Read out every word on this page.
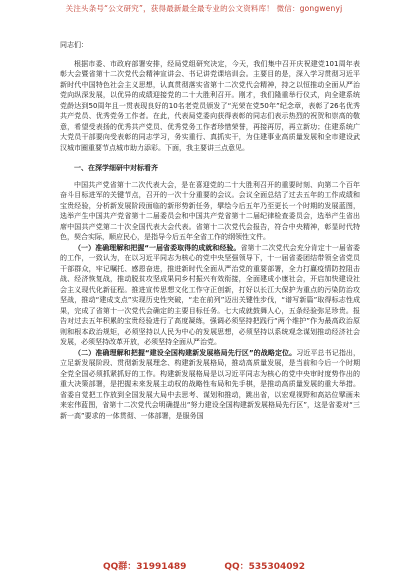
关注头条号“公文研究”，获得最新最全最专业的公文资料库！ 微信：gongwenyj

同志们：

根据市委、市政府部署安排，经局党组研究决定，今天，我们集中召开庆祝建党101周年表彰大会暨省第十二次党代会精神宣讲会、书记讲党课培训会。主要目的是，深入学习贯彻习近平新时代中国特色社会主义思想，认真贯彻落实省第十二次党代会精神，持之以恒推动全面从严治党向纵深发展，以优异的成绩迎接党的二十大胜利召开。刚才，我们隆重举行仪式，向全建系统党龄达到50周年且一贯表现良好的10名老党员颁发了“光荣在党50年”纪念章，表彰了26名优秀共产党员、优秀党务工作者。在此，代表局党委向获得表彰的同志们表示热烈的祝贺和崇高的敬意，希望受表扬的优秀共产党员、优秀党务工作者珍惜荣誉，再接再厉，再立新功；住建系统广大党员干部要向受表彰的同志学习，务实重行、真抓实干，为住建事业高质量发展和全市建设武汉城市圈重要节点城市助力添彩。下面，我主要讲三点意见。

一、在深学细研中对标看齐

中国共产党省第十二次代表大会，是在喜迎党的二十大胜利召开的重要时刻、向第二个百年奋斗目标进军的关键节点，召开的一次十分重要的会议。会议全面总结了过去五年的工作成绩和宝贵经验，分析新发展阶段面临的新形势新任务，擘绘今后五年乃至更长一个时期的发展蓝图，选举产生中国共产党省第十二届委员会和中国共产党省第十二届纪律检查委员会，选举产生省出席中国共产党第二十次全国代表大会代表。省第十二次党代会报告，符合中央精神，彰显时代特色，契合实际，顺应民心，是指导今后五年全省工作的纲领性文件。

（一）准确理解和把握“一届省委取得的成就和经验。省第十二次党代会充分肯定十一届省委的工作，一致认为，在以习近平同志为核心的党中央坚强领导下，十一届省委团结带领全省党员干部群众，牢记嘱托、感恩奋进，推进新时代全面从严治党的重要部署，全力打赢疫情防控阻击战、经济恢复战，推动脱贫攻坚成果同乡村振兴有效衔接，全面建成小康社会，开启加快建设社会主义现代化新征程。推进宣传思想文化工作守正创新，打好以长江大保护为重点的污染防治攻坚战，推动“建成支点”实现历史性突破，“走在前列”迈出关键性步伐，“谱写新篇”取得标志性成果，完成了省第十一次党代会确定的主要目标任务。七大成就鼓舞人心，五条经验弥足珍贵。报告对过去五年积累的宝贵经验进行了高度凝练，强调必须坚持把践行“两个维护”作为最高政治原则和根本政治规矩，必须坚持以人民为中心的发展思想，必须坚持以系统观念谋划推动经济社会发展，必须坚持改革开放，必须坚持全面从严治党。

（二）准确理解和把握“建设全国构建新发展格局先行区”的战略定位。习近平总书记指出，立足新发展阶段、贯彻新发展理念、构建新发展格局，推动高质量发展，是当前和今后一个时期全党全国必须抓紧抓好的工作。构建新发展格局是以习近平同志为核心的党中央审时度势作出的重大决策部署，是把握未来发展主动权的战略性布局和先手棋，是推动高质量发展的重大举措。省委自觉把工作放到全国发展大局中去思考、谋划和推动，跳出省，以宏观视野和高站位擘画未来宏伟蓝图，省第十二次党代会明确提出“努力建设全国构建新发展格局先行区”，这是省委对“三新一高”要求的一体贯彻、一体部署，是服务国

QQ群：31991489	QQ：535304092
